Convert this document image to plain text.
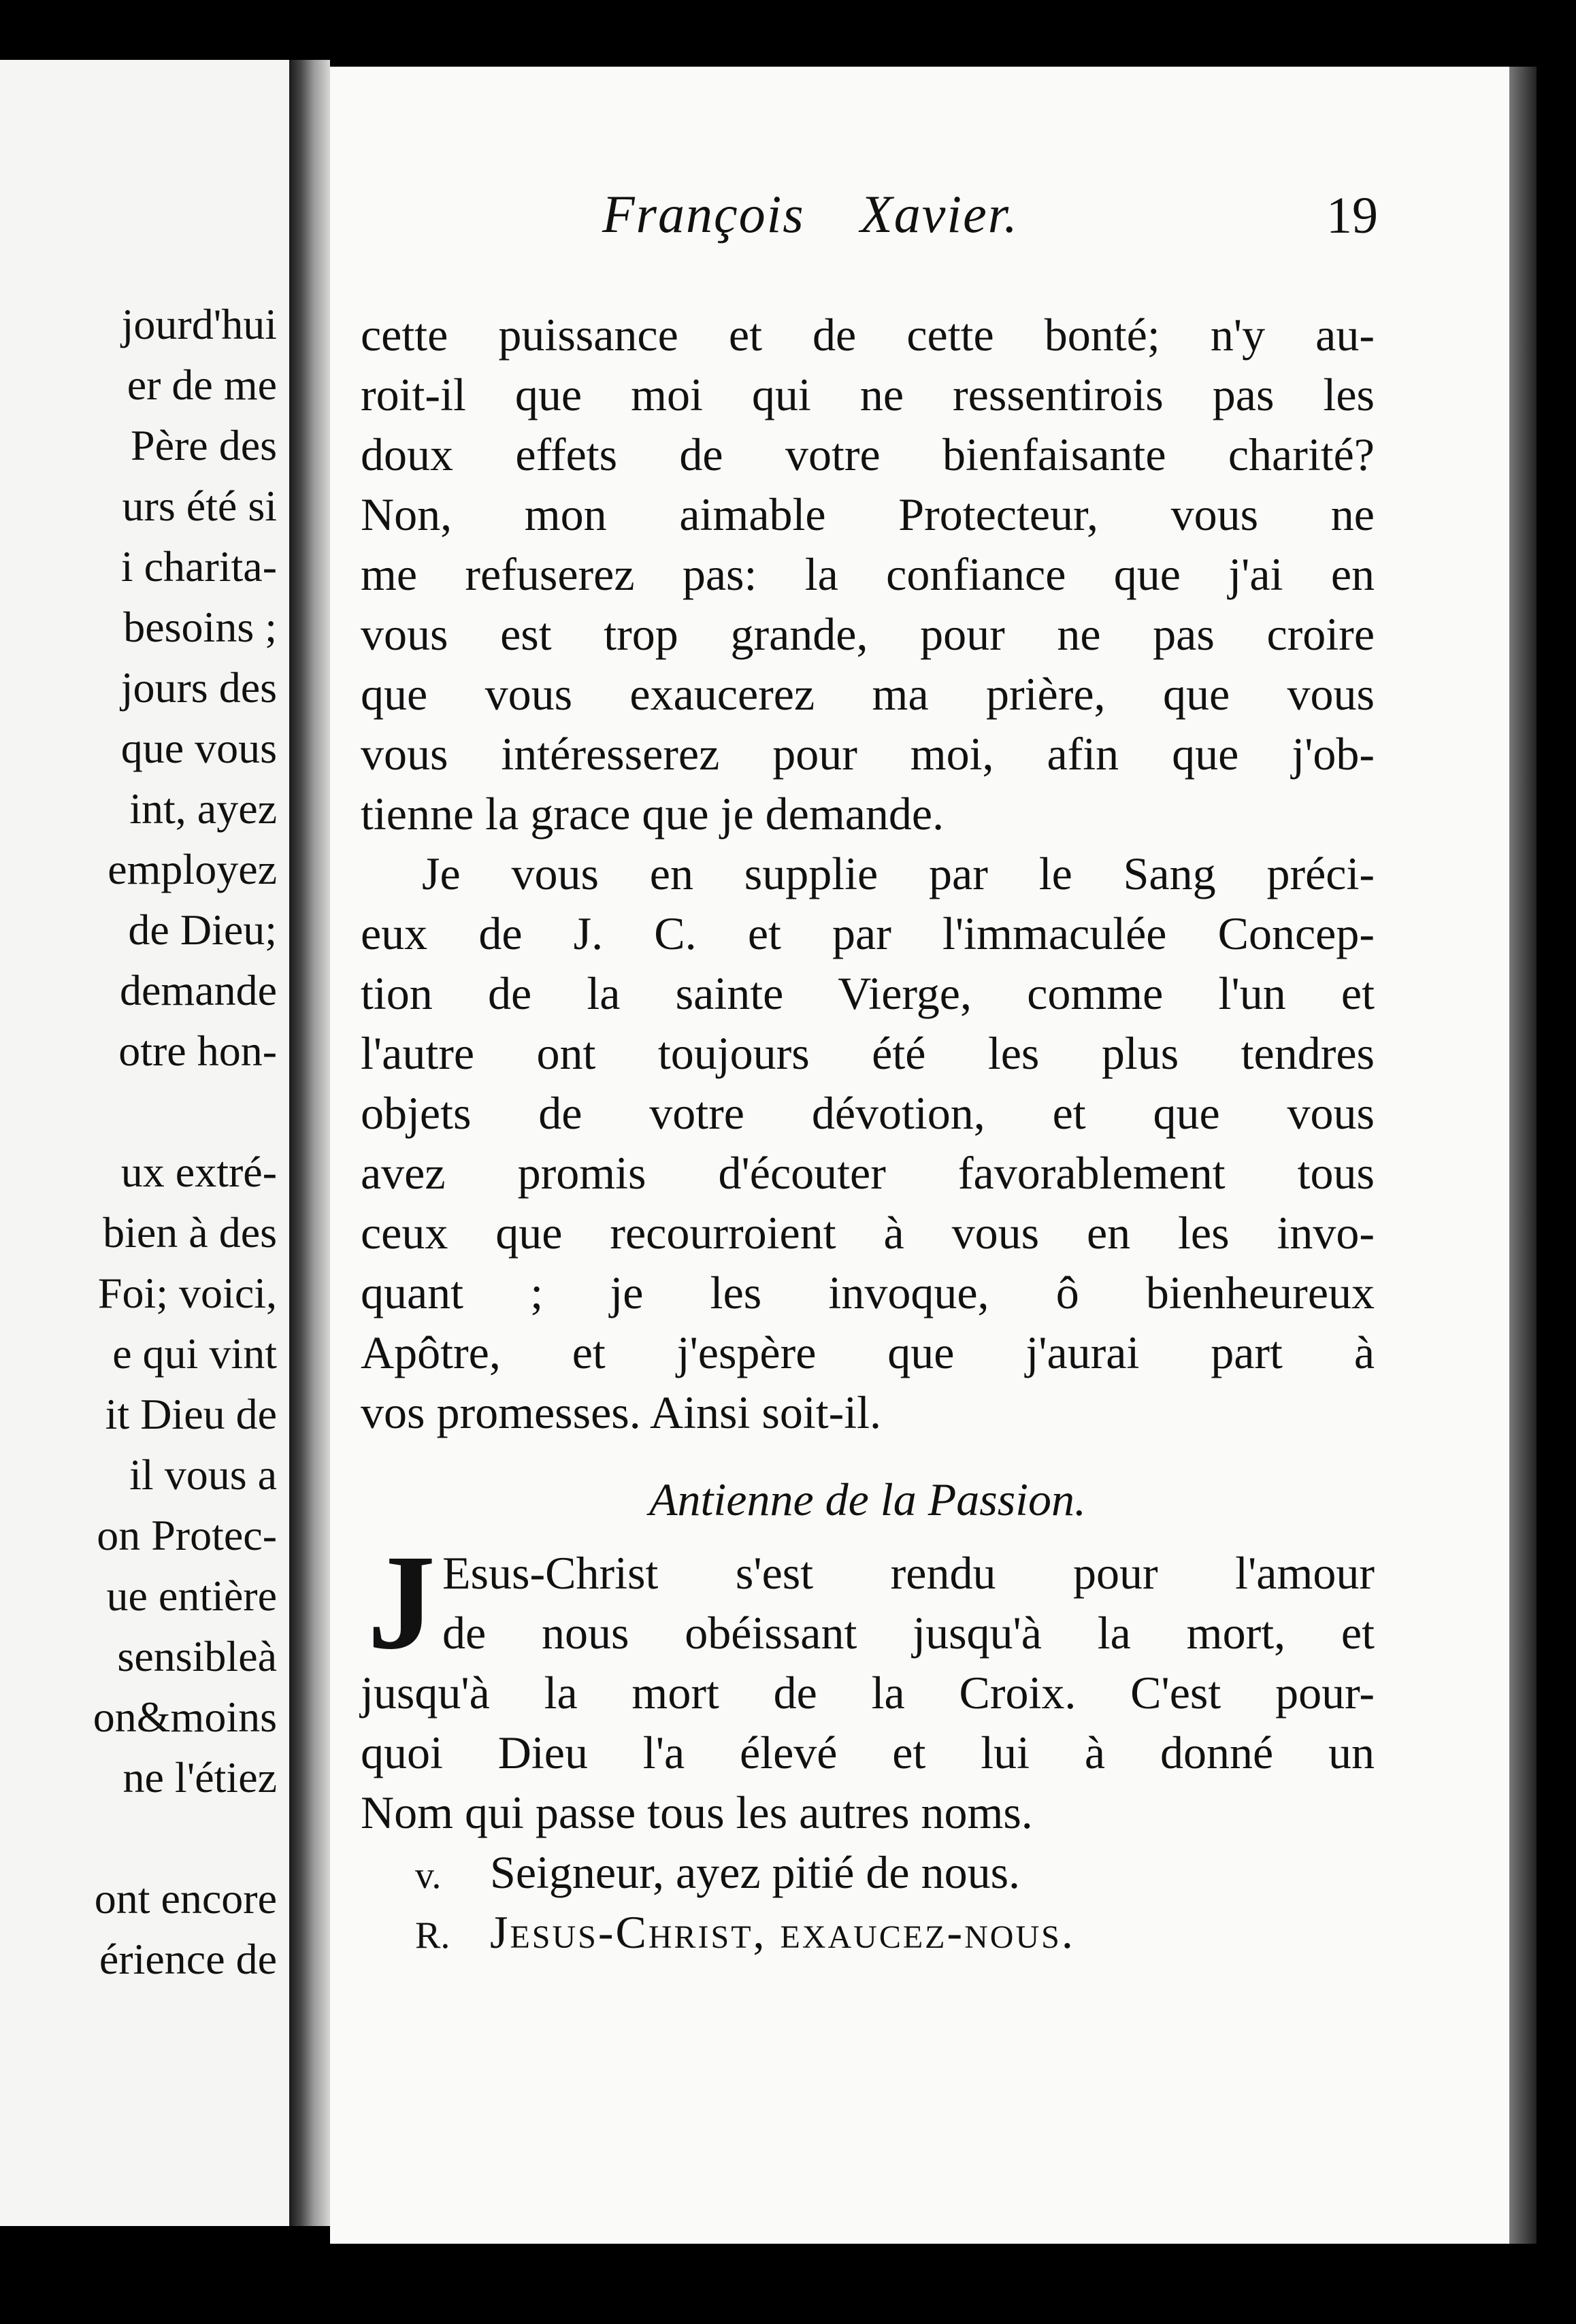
jourd'hui
er de me
Père des
urs été si
i charita-
besoins ;
jours des
que vous
int, ayez
employez
de Dieu;
demande
otre hon-
ux extré-
bien à des
Foi; voici,
e qui vint
it Dieu de
il vous a
on Protec-
ue entière
sensibleà
on&moins
ne l'étiez
ont encore
érience de
François Xavier.	19
cette puissance et de cette bonté; n'y au-
roit-il que moi qui ne ressentirois pas les
doux effets de votre bienfaisante charité?
Non, mon aimable Protecteur, vous ne
me refuserez pas: la confiance que j'ai en
vous est trop grande, pour ne pas croire
que vous exaucerez ma prière, que vous
vous intéresserez pour moi, afin que j'ob-
tienne la grace que je demande.
Je vous en supplie par le Sang préci-
eux de J. C. et par l'immaculée Concep-
tion de la sainte Vierge, comme l'un et
l'autre ont toujours été les plus tendres
objets de votre dévotion, et que vous
avez promis d'écouter favorablement tous
ceux que recourroient à vous en les invo-
quant ; je les invoque, ô bienheureux
Apôtre, et j'espère que j'aurai part à
vos promesses. Ainsi soit-il.
Antienne de la Passion.
J Esus-Christ s'est rendu pour l'amour
de nous obéissant jusqu'à la mort, et
jusqu'à la mort de la Croix. C'est pour-
quoi Dieu l'a élevé et lui à donné un
Nom qui passe tous les autres noms.
v. Seigneur, ayez pitié de nous.
R. Jesus-Christ, exaucez-nous.
